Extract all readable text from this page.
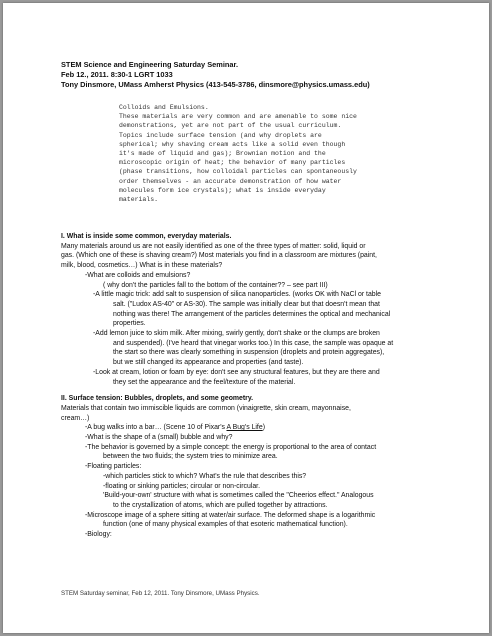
STEM Science and Engineering Saturday Seminar.
Feb 12., 2011. 8:30-1 LGRT 1033
Tony Dinsmore, UMass Amherst Physics (413-545-3786, dinsmore@physics.umass.edu)
Colloids and Emulsions.
These materials are very common and are amenable to some nice
demonstrations, yet are not part of the usual curriculum.
Topics include surface tension (and why droplets are
spherical; why shaving cream acts like a solid even though
it's made of liquid and gas); Brownian motion and the
microscopic origin of heat; the behavior of many particles
(phase transitions, how colloidal particles can spontaneously
order themselves - an accurate demonstration of how water
molecules form ice crystals); what is inside everyday
materials.
I. What is inside some common, everyday materials.
Many materials around us are not easily identified as one of the three types of matter: solid, liquid or
gas. (Which one of these is shaving cream?) Most materials you find in a classroom are mixtures (paint,
milk, blood, cosmetics…) What is in these materials?
-What are colloids and emulsions?
( why don't the particles fall to the bottom of the container?? – see part III)
-A little magic trick: add salt to suspension of silica nanoparticles. (works OK with NaCl or table
salt. ("Ludox AS-40" or AS-30). The sample was initially clear but that doesn't mean that
nothing was there! The arrangement of the particles determines the optical and mechanical
properties.
-Add lemon juice to skim milk. After mixing, swirly gently, don't shake or the clumps are broken
and suspended). (I've heard that vinegar works too.) In this case, the sample was opaque at
the start so there was clearly something in suspension (droplets and protein aggregates),
but we still changed its appearance and properties (and taste).
-Look at cream, lotion or foam by eye: don't see any structural features, but they are there and
they set the appearance and the feel/texture of the material.
II. Surface tension: Bubbles, droplets, and some geometry.
Materials that contain two immiscible liquids are common (vinaigrette, skin cream, mayonnaise,
cream…)
-A bug walks into a bar… (Scene 10 of Pixar's A Bug's Life)
-What is the shape of a (small) bubble and why?
-The behavior is governed by a simple concept: the energy is proportional to the area of contact
between the two fluids; the system tries to minimize area.
-Floating particles:
-which particles stick to which? What's the rule that describes this?
-floating or sinking particles; circular or non-circular.
'Build-your-own' structure with what is sometimes called the "Cheerios effect." Analogous
to the crystallization of atoms, which are pulled together by attractions.
-Microscope image of a sphere sitting at water/air surface. The deformed shape is a logarithmic
function (one of many physical examples of that esoteric mathematical function).
-Biology:
STEM Saturday seminar, Feb 12, 2011. Tony Dinsmore, UMass Physics.
